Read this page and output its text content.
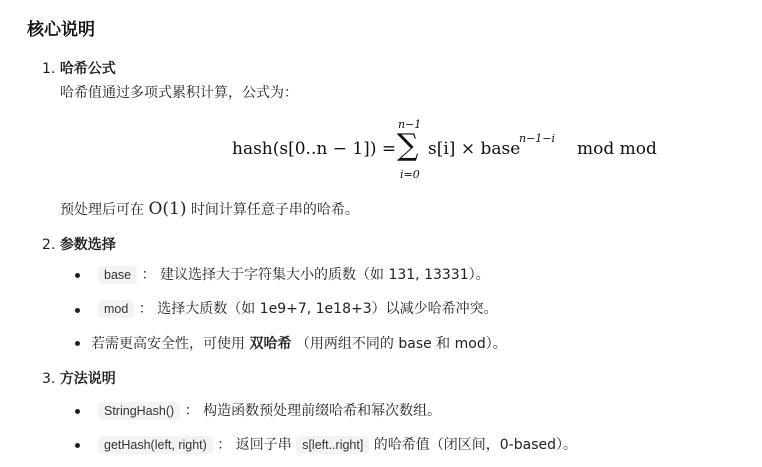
核心说明
1. 哈希公式
哈希值通过多项式累积计算，公式为：
hash(s[0..n − 1]) =
n−1
∑
i=0
s[i] × base
n−1−i
mod mod
预处理后可在 O(1) 时间计算任意子串的哈希。
2. 参数选择
base ： 建议选择大于字符集大小的质数（如 131, 13331）。
mod ： 选择大质数（如 1e9+7, 1e18+3）以减少哈希冲突。
若需更高安全性，可使用 双哈希 （用两组不同的 base 和 mod）。
3. 方法说明
StringHash() ： 构造函数预处理前缀哈希和幂次数组。
getHash(left, right) ： 返回子串 s[left..right] 的哈希值（闭区间，0-based）。
